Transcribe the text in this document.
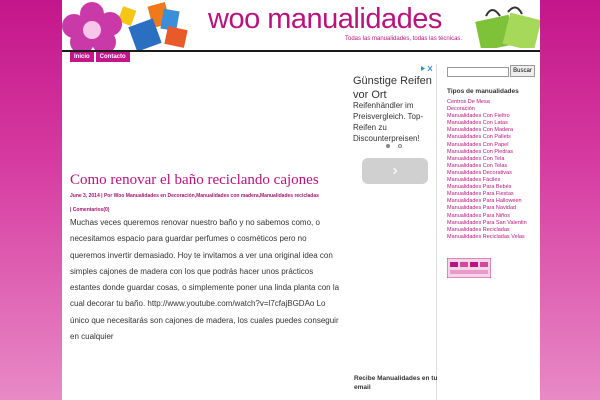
woo manualidades
Todas las manualidades, todas las técnicas.
Inicio Contacto
Como renovar el baño reciclando cajones
June 3, 2014 | Por Woo Manualidades en Decoración,Manualidades con madera,Manualidades recicladas
| Comentarios(0)
Muchas veces queremos renovar nuestro baño y no sabemos como, o necesitamos espacio para guardar perfumes o cosméticos pero no queremos invertir demasiado. Hoy te invitamos a ver una original idea con simples cajones de madera con los que podrás hacer unos prácticos estantes donde guardar cosas, o simplemente poner una linda planta con la cual decorar tu baño. http://www.youtube.com/watch?v=l7cfajBGDAo Lo único que necesitarás son cajones de madera, los cuales puedes conseguir en cualquier
Günstige Reifen vor Ort
Reifenhändler im Preisvergleich. Top-Reifen zu Discounterpreisen!
›
Recibe Manualidades en tu email
Buscar
Tipos de manualidades
Centros De Mesa
Decoración
Manualidades Con Fieltro
Manualidades Con Latas
Manualidades Con Madera
Manualidades Con Pallets
Manualidades Con Papel
Manualidades Con Piedras
Manualidades Con Tela
Manualidades Con Telas
Manualidades Decorativas
Manualidades Fáciles
Manualidades Para Bebés
Manualidades Para Fiestas
Manualidades Para Halloween
Manualidades Para Navidad
Manualidades Para Niños
Manualidades Para San Valentin
Manualidades Recicladas
Manualidades Recicladas Velas
